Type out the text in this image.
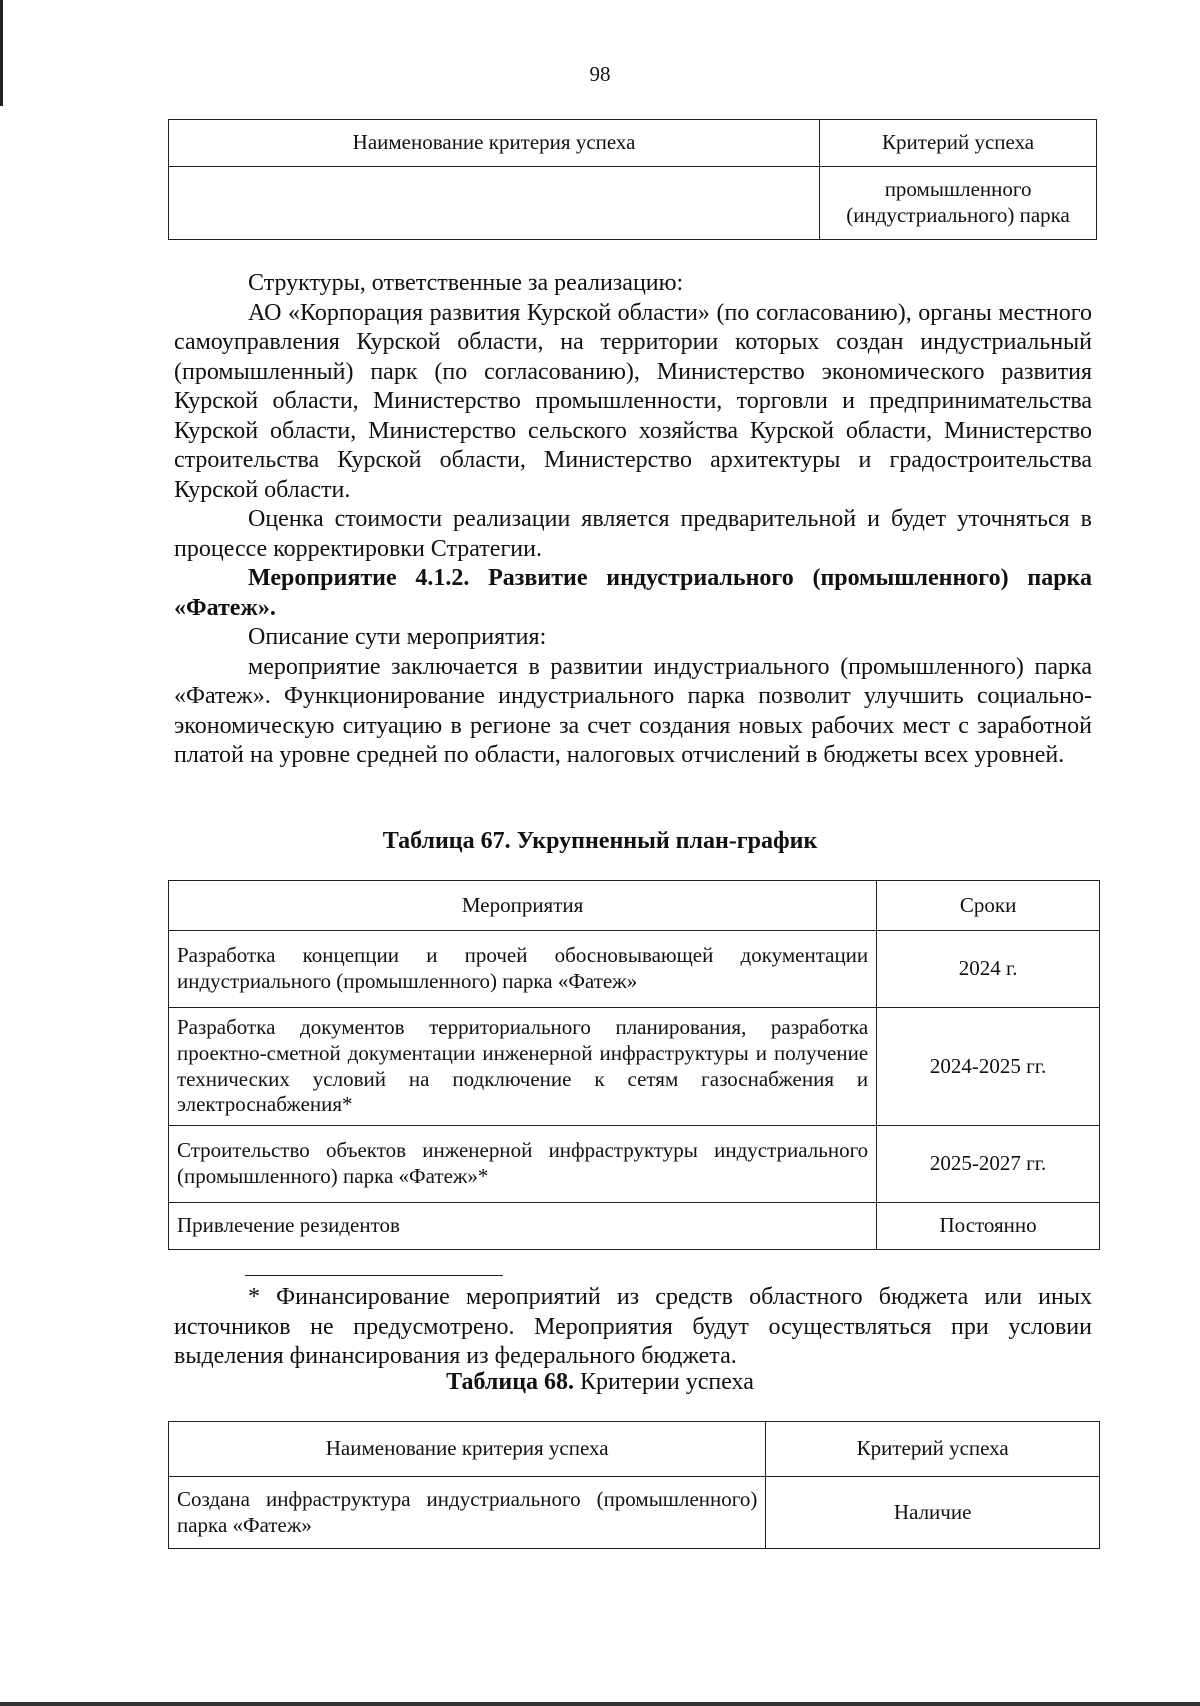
98
Наименование критерия успеха	Критерий успеха
	промышленного
(индустриального) парка

Структуры, ответственные за реализацию:

АО «Корпорация развития Курской области» (по согласованию), органы местного самоуправления Курской области, на территории которых создан индустриальный (промышленный) парк (по согласованию), Министерство экономического развития Курской области, Министерство промышленности, торговли и предпринимательства Курской области, Министерство сельского хозяйства Курской области, Министерство строительства Курской области, Министерство архитектуры и градостроительства Курской области.

Оценка стоимости реализации является предварительной и будет уточняться в процессе корректировки Стратегии.

Мероприятие 4.1.2. Развитие индустриального (промышленного) парка «Фатеж».

Описание сути мероприятия:

мероприятие заключается в развитии индустриального (промышленного) парка «Фатеж». Функционирование индустриального парка позволит улучшить социально-экономическую ситуацию в регионе за счет создания новых рабочих мест с заработной платой на уровне средней по области, налоговых отчислений в бюджеты всех уровней.

Таблица 67. Укрупненный план-график
Мероприятия	Сроки
Разработка концепции и прочей обосновывающей документации индустриального (промышленного) парка «Фатеж»	2024 г.
Разработка документов территориального планирования, разработка проектно-сметной документации инженерной инфраструктуры и получение технических условий на подключение к сетям газоснабжения и электроснабжения*	2024-2025 гг.
Строительство объектов инженерной инфраструктуры индустриального (промышленного) парка «Фатеж»*	2025-2027 гг.
Привлечение резидентов	Постоянно

* Финансирование мероприятий из средств областного бюджета или иных источников не предусмотрено. Мероприятия будут осуществляться при условии выделения финансирования из федерального бюджета.

Таблица 68. Критерии успеха
Наименование критерия успеха	Критерий успеха
Создана инфраструктура индустриального (промышленного) парка «Фатеж»	Наличие
